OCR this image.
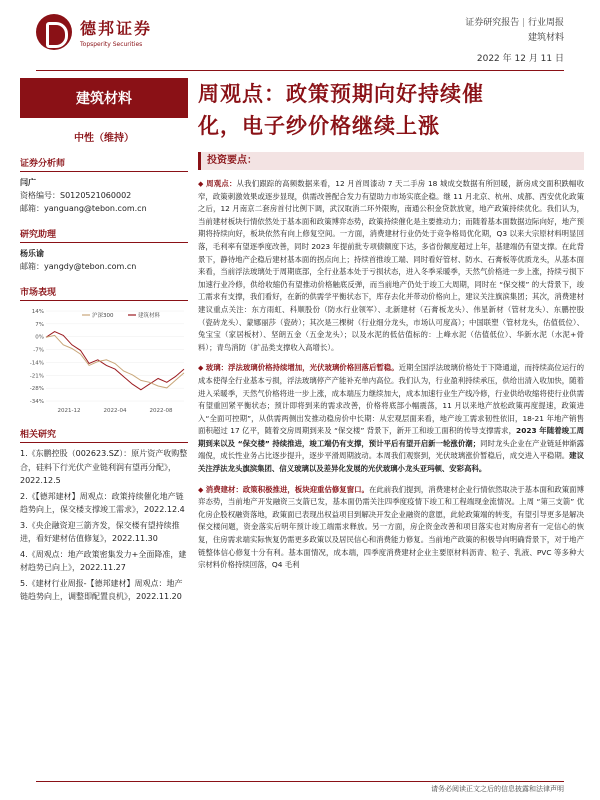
德邦证券
Topsperity Securities
证券研究报告 | 行业周报
建筑材料
2022 年 12 月 11 日
建筑材料
中性（维持）
证券分析师
闫广
资格编号：S0120521060002
邮箱：yanguang@tebon.com.cn
研究助理
杨乐谕
邮箱：yangdy@tebon.com.cn
市场表现
14%
7%
0%
-7%
-14%
-21%
-28%
-34%
2021-12	2022-04	2022-08
建筑材料
沪深300
相关研究
1.《东鹏控股（002623.SZ）：原片资产收购整合，硅料下行光伏产业链利润有望再分配》，2022.12.5
2.《【德邦建材】周观点：政策持续催化地产链趋势向上，保交楼支撑竣工需求》，2022.12.4
3.《央企融资迎三箭齐发，保交楼有望持续推进，看好建材估值修复》，2022.11.30
4.《周观点：地产政策密集发力+全面降准，建材趋势已向上》，2022.11.27
5.《建材行业周报-【德邦建材】周观点：地产链趋势向上，调整即配置良机》，2022.11.20
周观点：政策预期向好持续催
化，电子纱价格继续上涨
投资要点：

◆ 周观点：从我们跟踪的高频数据来看，12 月首周漆动 7 天二手房 18 城成交数据有所回暖，新房成交面积跌幅收窄，政策刺激效果或逐步显现，供需改善配合发力有望助力市场实底企稳。继 11 月北京、杭州、成都、西安优化政策之后，12 月南京二套房首付比例下调，武汉取消二环外限购，南通公积金贷款放宽，地产政策持续优化。我们认为，当前建材板块行情依然处于基本面和政策博弈态势，政策持续催化是主要推动力；而随着基本面数据边际向好，地产预期将持续向好，板块依然有向上修复空间。一方面，消费建材行业仍处于竞争格局优化期，Q3 以来大宗原材料明显回落，毛利率有望逐季度改善，同时 2023 年提前批专项债额度下达，多省份额度超过上年，基建端仍有望支撑。在此背景下，静待地产企稳后建材基本面的拐点向上；持续首推竣工端、同时看好管材、防水、石膏板等优质龙头，从基本面来看，当前浮法玻璃处于周期底部，全行业基本处于亏损状态，进入冬季采暖季，天然气价格进一步上涨，持续亏损下加速行业冷修，供给收缩仍有望推动价格触底反弹，而当前地产仍处于竣工大周期，同时在 “保交楼” 的大背景下，竣工需求有支撑，我们看好，在新的供需学平衡状态下，库存去化并带动价格向上，建议关注旗滨集团；其次，消费建材建议重点关注：东方雨虹、科顺股份（防水行业领军）、北新建材（石膏板龙头）、伟星新材（管材龙头）、东鹏控股（瓷砖龙头）、蒙娜丽莎（瓷砖）；其次是三棵树（行业细分龙头，市场认可度高）；中国联塑（管材龙头，估值低位）、兔宝宝（家居板材）、坚朗五金（五金龙头）；以及水泥的低估值标的：上峰水泥（估值低位）、华新水泥（水泥+骨料）；青鸟消防（扩品类支撑收入高增长）。

◆ 玻璃：浮法玻璃价格持续增加，光伏玻璃价格回落后暂稳。近期全国浮法玻璃价格处于下降通道，而持续高位运行的成本使得全行业基本亏损，浮法玻璃停产产能补充单内高位。我们认为，行业盈利持续承压，供给出清入收加快，随着进入采暖季，天然气价格将进一步上涨，成本端压力继续加大，成本加速行业生产线冷修，行业供给收缩将使行业供需有望重回紧平衡状态；预计即将到来的需求改善，价格将底部小幅震荡，11 月以来地产放松政策再度提速，政策进入“全面可控期”，从供需两侧出发推动稳房价中长期：从宏观层面来看，地产竣工需求韧性依旧，18-21 年地产销售面积超过 17 亿平，随着交房周期到来及 “保交楼” 背景下，新开工和竣工面积的传导支撑需求，2023 年随着竣工周期到来以及 “保交楼” 持续推进，竣工端仍有支撑，预计平后有望开启新一轮涨价潮；同时龙头企业在产业链延伸渐露端倪，成长性业务占比逐步提升，逐步平滑周期波动。本周我们观察到，光伏玻璃涨价暂稳后，成交进入平稳期。建议关注浮法龙头旗滨集团、信义玻璃以及差异化发展的光伏玻璃小龙头亚玛顿、安彩高科。

◆ 消费建材：政策积极推进，板块迎重估修复窗口。在此前我们提到，消费建材企业行情依然取决于基本面和政策面博弈态势，当前地产开发融资三支箭已发，基本面仍需关注四季度疫情下竣工和工程端现金流情况。上周 “第三支箭” 优化房企股权融资落地，政策面已表现出权益项目到解决开发企业融资的意愿，此轮政策端的转变，有望引导更多是解决保交楼问题，资金落实后明年预计竣工端需求释放。另一方面，房企资金改善和项目落实也对购房者有一定信心的恢复，住房需求端实际恢复仍需更多政策以及居民信心和消费能力修复。当前地产政策的积极导向明确背景下，对于地产链整体信心修复十分有利。基本面情况，成本端，四季度消费建材企业主要原材料沥青、粒子、乳液、PVC 等多种大宗材料价格持续回落，Q4 毛利

请务必阅读正文之后的信息披露和法律声明
